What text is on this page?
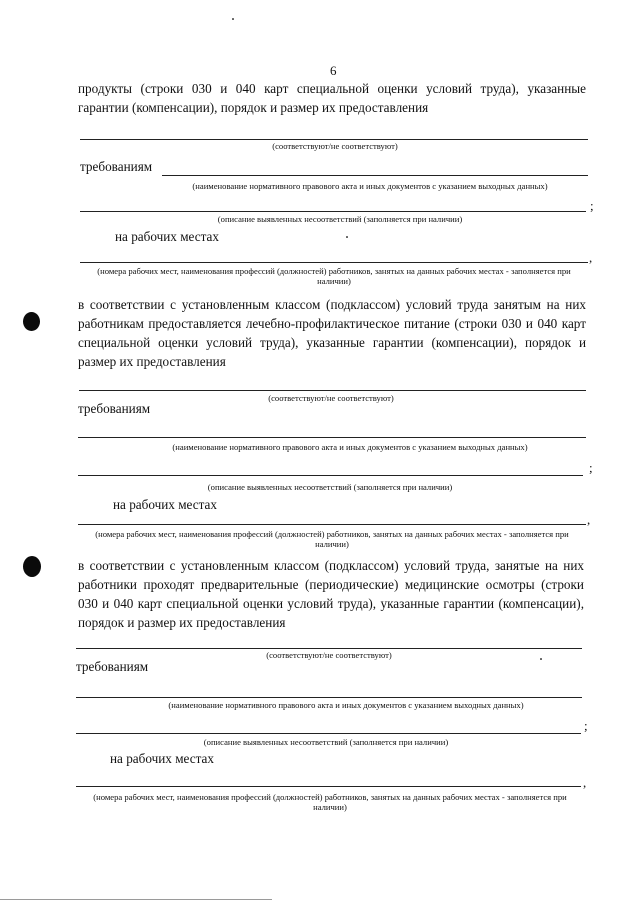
6
продукты (строки 030 и 040 карт специальной оценки условий труда), указанные гарантии (компенсации), порядок и размер их предоставления
(соответствуют/не соответствуют)
требованиям
(наименование нормативного правового акта и иных документов с указанием выходных данных)
;
(описание выявленных несоответствий (заполняется при наличии)
на рабочих местах
,
(номера рабочих мест, наименования профессий (должностей) работников, занятых на данных рабочих местах - заполняется при наличии)
в соответствии с установленным классом (подклассом) условий труда занятым на них работникам предоставляется лечебно-профилактическое питание (строки 030 и 040 карт специальной оценки условий труда), указанные гарантии (компенсации), порядок и размер их предоставления
(соответствуют/не соответствуют)
требованиям
(наименование нормативного правового акта и иных документов с указанием выходных данных)
;
(описание выявленных несоответствий (заполняется при наличии)
на рабочих местах
,
(номера рабочих мест, наименования профессий (должностей) работников, занятых на данных рабочих местах - заполняется при наличии)
в соответствии с установленным классом (подклассом) условий труда, занятые на них работники проходят предварительные (периодические) медицинские осмотры (строки 030 и 040 карт специальной оценки условий труда), указанные гарантии (компенсации), порядок и размер их предоставления
(соответствуют/не соответствуют)
требованиям
(наименование нормативного правового акта и иных документов с указанием выходных данных)
;
(описание выявленных несоответствий (заполняется при наличии)
на рабочих местах
,
(номера рабочих мест, наименования профессий (должностей) работников, занятых на данных рабочих местах - заполняется при наличии)
